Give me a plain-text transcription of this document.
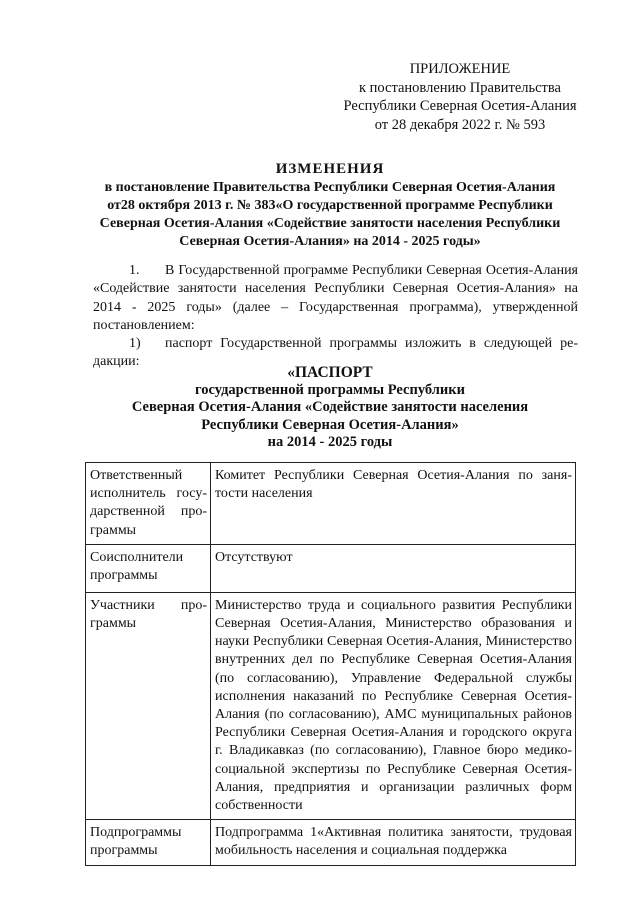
ПРИЛОЖЕНИЕ
к постановлению Правительства
Республики Северная Осетия-Алания
от 28 декабря 2022 г. № 593
ИЗМЕНЕНИЯ
в постановление Правительства Республики Северная Осетия-Алания
от28 октября 2013 г. № 383«О государственной программе Республики
Северная Осетия-Алания «Содействие занятости населения Республики
Северная Осетия-Алания» на 2014 - 2025 годы»
1. В Государственной программе Республики Северная Осетия-Алания «Содействие занятости населения Республики Северная Осетия-Алания» на 2014 - 2025 годы» (далее – Государственная программа), утвержденной постановлением:
1) паспорт Государственной программы изложить в следующей редакции:
«ПАСПОРТ
государственной программы Республики
Северная Осетия-Алания «Содействие занятости населения
Республики Северная Осетия-Алания»
на 2014 - 2025 годы
Ответственный исполнитель государственной программы	Комитет Республики Северная Осетия-Алания по занятости населения
Соисполнители программы	Отсутствуют
Участники программы	Министерство труда и социального развития Республики Северная Осетия-Алания, Министерство образования и науки Республики Северная Осетия-Алания, Министерство внутренних дел по Республике Северная Осетия-Алания (по согласованию), Управление Федеральной службы исполнения наказаний по Республике Северная Осетия-Алания (по согласованию), АМС муниципальных районов Республики Северная Осетия-Алания и городского округа г. Владикавказ (по согласованию), Главное бюро медико-социальной экспертизы по Республике Северная Осетия-Алания, предприятия и организации различных форм собственности
Подпрограммы программы	Подпрограмма 1«Активная политика занятости, трудовая мобильность населения и социальная поддержка
